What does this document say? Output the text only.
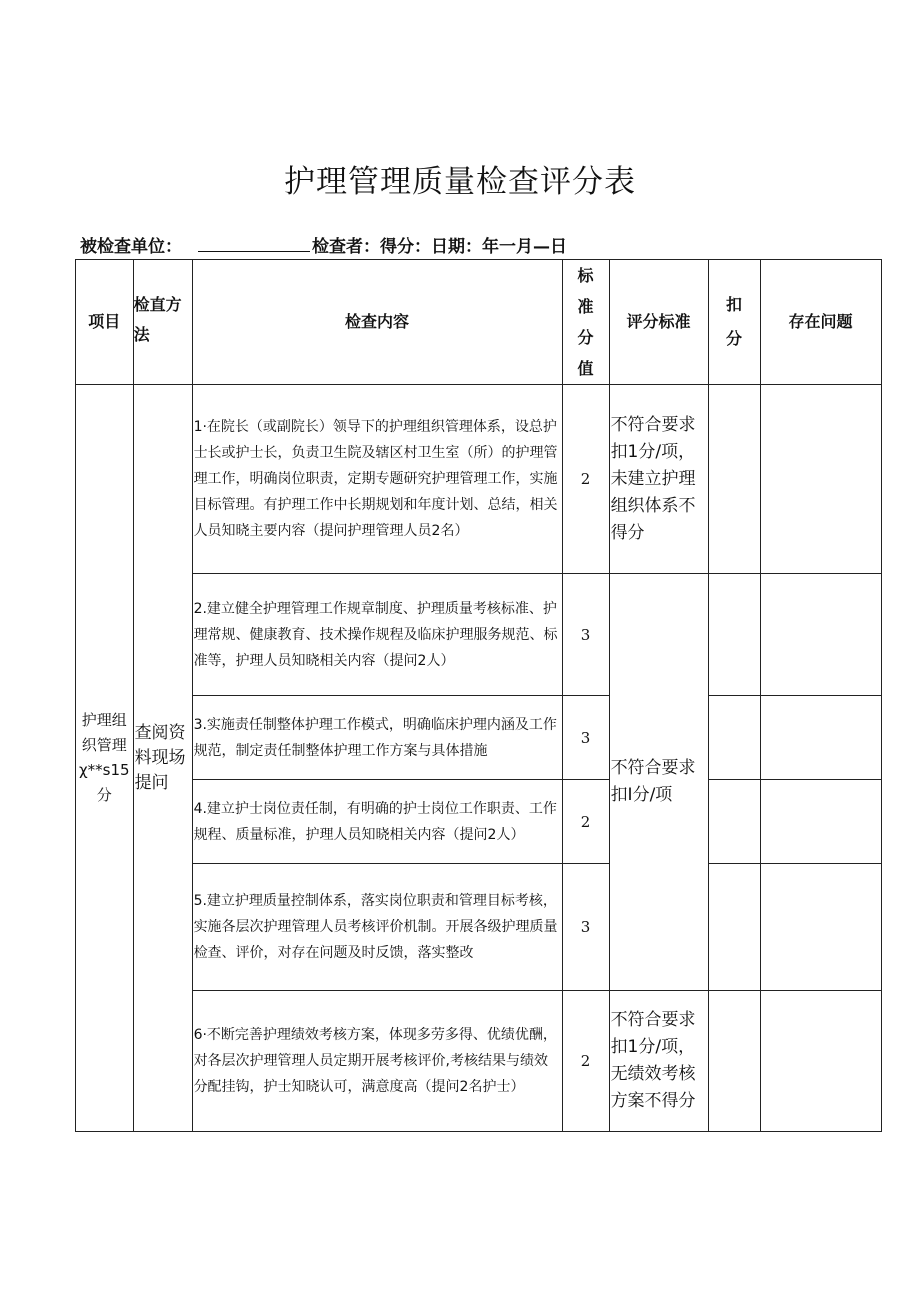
护理管理质量检查评分表
被检查单位：	检查者：得分：日期：年一月—日
项目	检直方法	检查内容	标准分值	评分标准	扣分	存在问题
护理组织管理χ**s15分	查阅资料现场提问	1·在院长（或副院长）领导下的护理组织管理体系，设总护士长或护士长，负责卫生院及辖区村卫生室（所）的护理管理工作，明确岗位职责，定期专题研究护理管理工作，实施目标管理。有护理工作中长期规划和年度计划、总结，相关人员知晓主要内容（提问护理管理人员2名）	2	不符合要求扣1分/项，未建立护理组织体系不得分		
		2.建立健全护理管理工作规章制度、护理质量考核标准、护理常规、健康教育、技术操作规程及临床护理服务规范、标准等，护理人员知晓相关内容（提问2人）	3	不符合要求扣I分/项		
		3.实施责任制整体护理工作模式，明确临床护理内涵及工作规范，制定责任制整体护理工作方案与具体措施	3			
		4.建立护士岗位责任制，有明确的护士岗位工作职责、工作规程、质量标准，护理人员知晓相关内容（提问2人）	2			
		5.建立护理质量控制体系，落实岗位职责和管理目标考核，实施各层次护理管理人员考核评价机制。开展各级护理质量检查、评价，对存在问题及时反馈，落实整改	3			
		6·不断完善护理绩效考核方案，体现多劳多得、优绩优酬，对各层次护理管理人员定期开展考核评价,考核结果与绩效分配挂钩，护士知晓认可，满意度高（提问2名护士）	2	不符合要求扣1分/项，无绩效考核方案不得分		
